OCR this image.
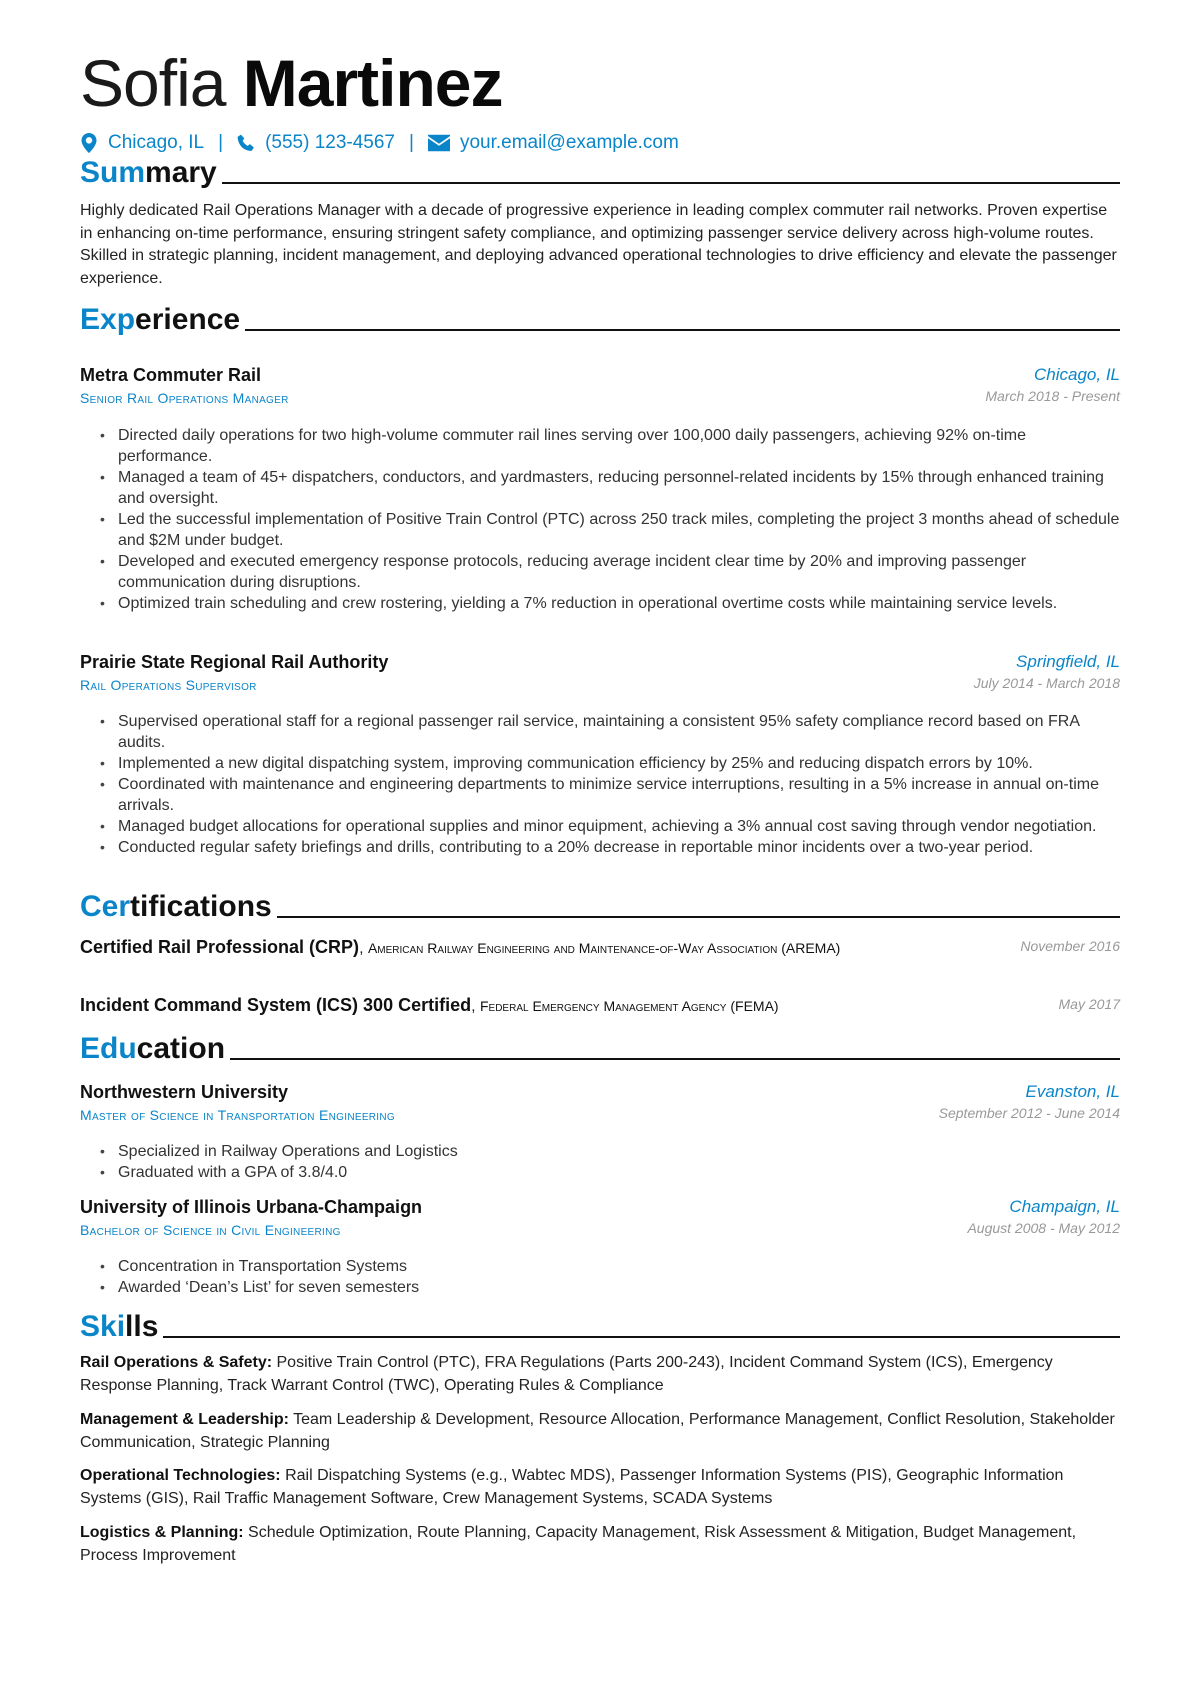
Sofia Martinez
Chicago, IL | (555) 123-4567 | your.email@example.com
Summary
Highly dedicated Rail Operations Manager with a decade of progressive experience in leading complex commuter rail networks. Proven expertise in enhancing on-time performance, ensuring stringent safety compliance, and optimizing passenger service delivery across high-volume routes. Skilled in strategic planning, incident management, and deploying advanced operational technologies to drive efficiency and elevate the passenger experience.
Experience
Metra Commuter Rail	Chicago, IL
Senior Rail Operations Manager	March 2018 - Present
• Directed daily operations for two high-volume commuter rail lines serving over 100,000 daily passengers, achieving 92% on-time performance.
• Managed a team of 45+ dispatchers, conductors, and yardmasters, reducing personnel-related incidents by 15% through enhanced training and oversight.
• Led the successful implementation of Positive Train Control (PTC) across 250 track miles, completing the project 3 months ahead of schedule and $2M under budget.
• Developed and executed emergency response protocols, reducing average incident clear time by 20% and improving passenger communication during disruptions.
• Optimized train scheduling and crew rostering, yielding a 7% reduction in operational overtime costs while maintaining service levels.
Prairie State Regional Rail Authority	Springfield, IL
Rail Operations Supervisor	July 2014 - March 2018
• Supervised operational staff for a regional passenger rail service, maintaining a consistent 95% safety compliance record based on FRA audits.
• Implemented a new digital dispatching system, improving communication efficiency by 25% and reducing dispatch errors by 10%.
• Coordinated with maintenance and engineering departments to minimize service interruptions, resulting in a 5% increase in annual on-time arrivals.
• Managed budget allocations for operational supplies and minor equipment, achieving a 3% annual cost saving through vendor negotiation.
• Conducted regular safety briefings and drills, contributing to a 20% decrease in reportable minor incidents over a two-year period.
Certifications
Certified Rail Professional (CRP), American Railway Engineering and Maintenance-of-Way Association (AREMA)	November 2016
Incident Command System (ICS) 300 Certified, Federal Emergency Management Agency (FEMA)	May 2017
Education
Northwestern University	Evanston, IL
Master of Science in Transportation Engineering	September 2012 - June 2014
• Specialized in Railway Operations and Logistics
• Graduated with a GPA of 3.8/4.0
University of Illinois Urbana-Champaign	Champaign, IL
Bachelor of Science in Civil Engineering	August 2008 - May 2012
• Concentration in Transportation Systems
• Awarded ‘Dean’s List’ for seven semesters
Skills
Rail Operations & Safety: Positive Train Control (PTC), FRA Regulations (Parts 200-243), Incident Command System (ICS), Emergency Response Planning, Track Warrant Control (TWC), Operating Rules & Compliance
Management & Leadership: Team Leadership & Development, Resource Allocation, Performance Management, Conflict Resolution, Stakeholder Communication, Strategic Planning
Operational Technologies: Rail Dispatching Systems (e.g., Wabtec MDS), Passenger Information Systems (PIS), Geographic Information Systems (GIS), Rail Traffic Management Software, Crew Management Systems, SCADA Systems
Logistics & Planning: Schedule Optimization, Route Planning, Capacity Management, Risk Assessment & Mitigation, Budget Management, Process Improvement
